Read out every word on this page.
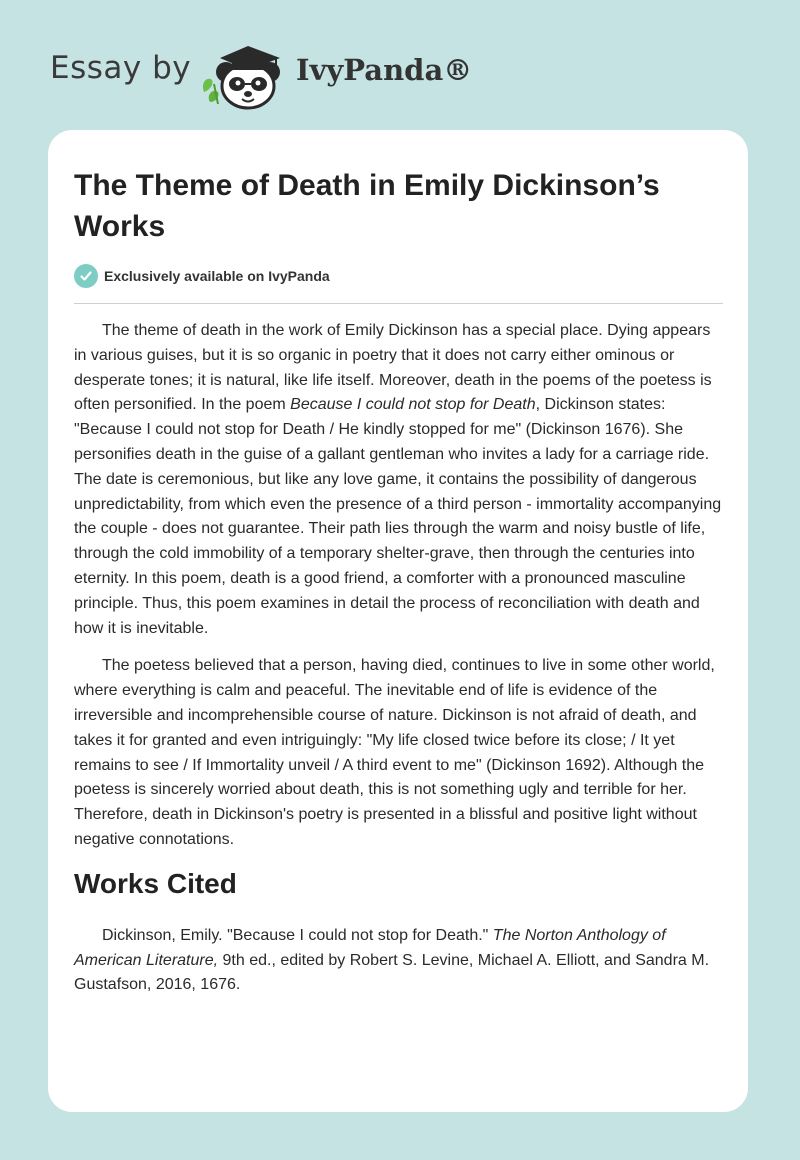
Essay by	IvyPanda®
The Theme of Death in Emily Dickinson’s Works
Exclusively available on IvyPanda

The theme of death in the work of Emily Dickinson has a special place. Dying appears in various guises, but it is so organic in poetry that it does not carry either ominous or desperate tones; it is natural, like life itself. Moreover, death in the poems of the poetess is often personified. In the poem Because I could not stop for Death, Dickinson states: "Because I could not stop for Death / He kindly stopped for me" (Dickinson 1676). She personifies death in the guise of a gallant gentleman who invites a lady for a carriage ride. The date is ceremonious, but like any love game, it contains the possibility of dangerous unpredictability, from which even the presence of a third person - immortality accompanying the couple - does not guarantee. Their path lies through the warm and noisy bustle of life, through the cold immobility of a temporary shelter-grave, then through the centuries into eternity. In this poem, death is a good friend, a comforter with a pronounced masculine principle. Thus, this poem examines in detail the process of reconciliation with death and how it is inevitable.

The poetess believed that a person, having died, continues to live in some other world, where everything is calm and peaceful. The inevitable end of life is evidence of the irreversible and incomprehensible course of nature. Dickinson is not afraid of death, and takes it for granted and even intriguingly: "My life closed twice before its close; / It yet remains to see / If Immortality unveil / A third event to me" (Dickinson 1692). Although the poetess is sincerely worried about death, this is not something ugly and terrible for her. Therefore, death in Dickinson's poetry is presented in a blissful and positive light without negative connotations.

Works Cited

Dickinson, Emily. "Because I could not stop for Death." The Norton Anthology of American Literature, 9th ed., edited by Robert S. Levine, Michael A. Elliott, and Sandra M. Gustafson, 2016, 1676.
